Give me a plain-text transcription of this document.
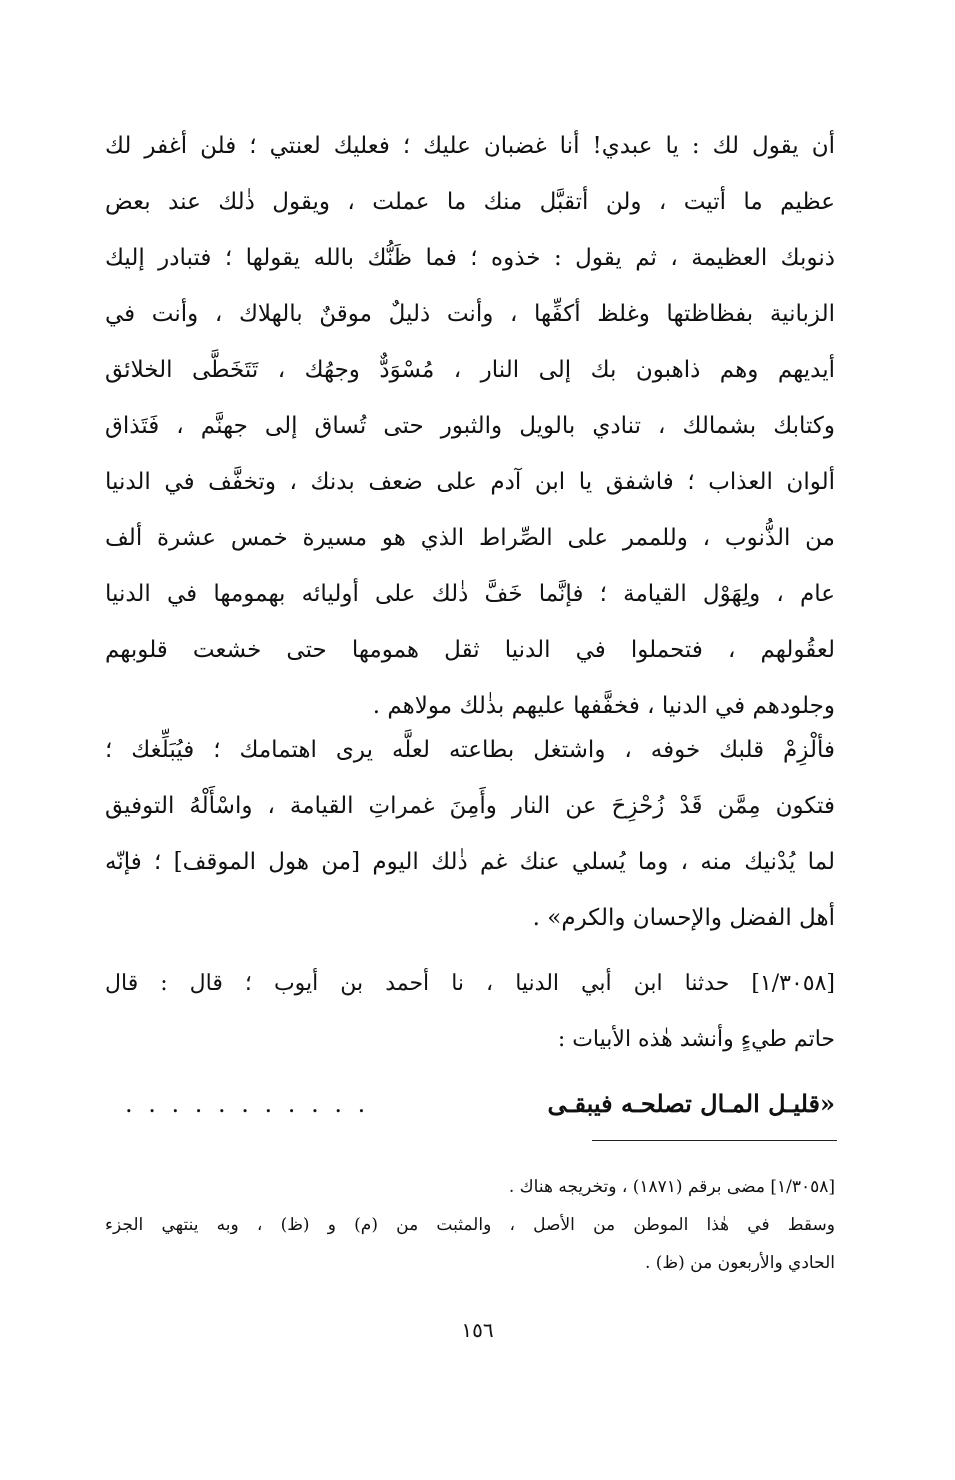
أن يقول لك : يا عبدي! أنا غضبان عليك ؛ فعليك لعنتي ؛ فلن أغفر لك
عظيم ما أتيت ، ولن أتقبَّل منك ما عملت ، ويقول ذٰلك عند بعض
ذنوبك العظيمة ، ثم يقول : خذوه ؛ فما ظَنُّك بالله يقولها ؛ فتبادر إليك
الزبانية بفظاظتها وغلظ أكفِّها ، وأنت ذليلٌ موقنٌ بالهلاك ، وأنت في
أيديهم وهم ذاهبون بك إلى النار ، مُسْوَدٌّ وجهُك ، تَتَخَطَّى الخلائق
وكتابك بشمالك ، تنادي بالويل والثبور حتى تُساق إلى جهنَّم ، فَتَذاق
ألوان العذاب ؛ فاشفق يا ابن آدم على ضعف بدنك ، وتخفَّف في الدنيا
من الذُّنوب ، وللممر على الصِّراط الذي هو مسيرة خمس عشرة ألف
عام ، ولِهَوْل القيامة ؛ فإنَّما خَفَّ ذٰلك على أوليائه بهمومها في الدنيا
لعقُولهم ، فتحملوا في الدنيا ثقل همومها حتى خشعت قلوبهم
وجلودهم في الدنيا ، فخفَّفها عليهم بذٰلك مولاهم .
فألْزِمْ قلبك خوفه ، واشتغل بطاعته لعلَّه يرى اهتمامك ؛ فيُبَلِّغك ؛
فتكون مِمَّن قَدْ زُحْزِحَ عن النار وأَمِنَ غمراتِ القيامة ، واسْأَلْهُ التوفيق
لما يُدْنيك منه ، وما يُسلي عنك غم ذٰلك اليوم [من هول الموقف] ؛ فإنّه
أهل الفضل والإحسان والكرم» .
[١/٣٠٥٨] حدثنا ابن أبي الدنيا ، نا أحمد بن أيوب ؛ قال : قال
حاتم طيءٍ وأنشد هٰذه الأبيات :
«قليـل المـال تصلحـه فيبقـى
. . . . . . . . . . .
[١/٣٠٥٨] مضى برقم (١٨٧١) ، وتخريجه هناك .
وسقط في هٰذا الموطن من الأصل ، والمثبت من (م) و (ظ) ، وبه ينتهي الجزء
الحادي والأربعون من (ظ) .
١٥٦
